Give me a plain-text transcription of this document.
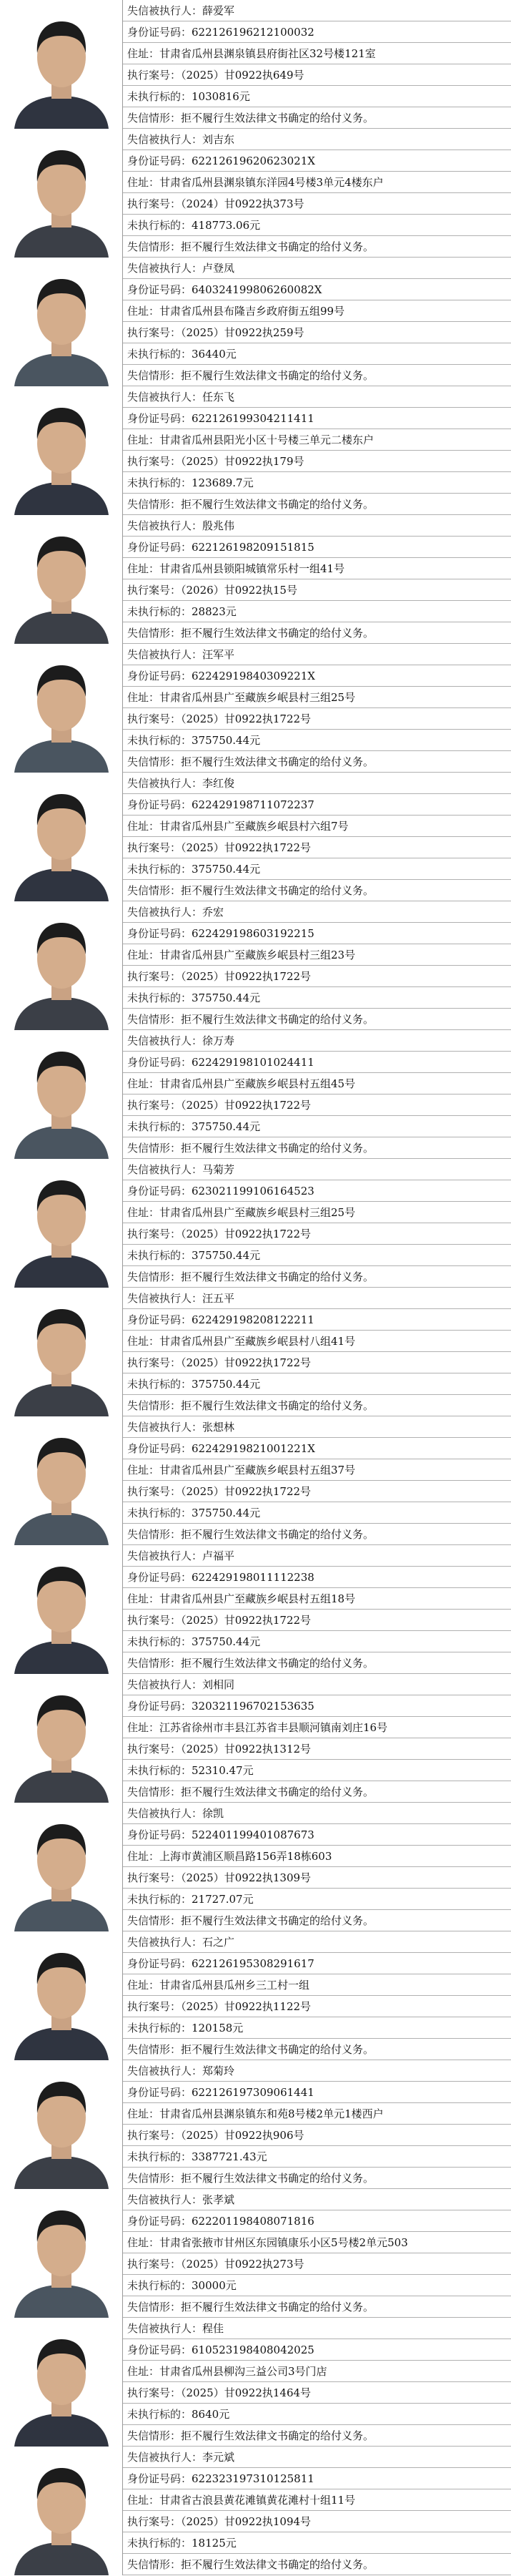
失信被执行人：薛爱军
身份证号码：622126196212100032
住址：甘肃省瓜州县渊泉镇县府街社区32号楼121室
执行案号：（2025）甘0922执649号
未执行标的：1030816元
失信情形：拒不履行生效法律文书确定的给付义务。
失信被执行人：刘吉东
身份证号码：62212619620623021X
住址：甘肃省瓜州县渊泉镇东洋园4号楼3单元4楼东户
执行案号：（2024）甘0922执373号
未执行标的：418773.06元
失信情形：拒不履行生效法律文书确定的给付义务。
失信被执行人：卢登凤
身份证号码：640324199806260082X
住址：甘肃省瓜州县布隆吉乡政府街五组99号
执行案号：（2025）甘0922执259号
未执行标的：36440元
失信情形：拒不履行生效法律文书确定的给付义务。
失信被执行人：任东飞
身份证号码：622126199304211411
住址：甘肃省瓜州县阳光小区十号楼三单元二楼东户
执行案号：（2025）甘0922执179号
未执行标的：123689.7元
失信情形：拒不履行生效法律文书确定的给付义务。
失信被执行人：殷兆伟
身份证号码：622126198209151815
住址：甘肃省瓜州县锁阳城镇常乐村一组41号
执行案号：（2026）甘0922执15号
未执行标的：28823元
失信情形：拒不履行生效法律文书确定的给付义务。
失信被执行人：汪军平
身份证号码：62242919840309221X
住址：甘肃省瓜州县广至藏族乡岷县村三组25号
执行案号：（2025）甘0922执1722号
未执行标的：375750.44元
失信情形：拒不履行生效法律文书确定的给付义务。
失信被执行人：李红俊
身份证号码：622429198711072237
住址：甘肃省瓜州县广至藏族乡岷县村六组7号
执行案号：（2025）甘0922执1722号
未执行标的：375750.44元
失信情形：拒不履行生效法律文书确定的给付义务。
失信被执行人：乔宏
身份证号码：622429198603192215
住址：甘肃省瓜州县广至藏族乡岷县村三组23号
执行案号：（2025）甘0922执1722号
未执行标的：375750.44元
失信情形：拒不履行生效法律文书确定的给付义务。
失信被执行人：徐万寿
身份证号码：622429198101024411
住址：甘肃省瓜州县广至藏族乡岷县村五组45号
执行案号：（2025）甘0922执1722号
未执行标的：375750.44元
失信情形：拒不履行生效法律文书确定的给付义务。
失信被执行人：马菊芳
身份证号码：623021199106164523
住址：甘肃省瓜州县广至藏族乡岷县村三组25号
执行案号：（2025）甘0922执1722号
未执行标的：375750.44元
失信情形：拒不履行生效法律文书确定的给付义务。
失信被执行人：汪五平
身份证号码：622429198208122211
住址：甘肃省瓜州县广至藏族乡岷县村八组41号
执行案号：（2025）甘0922执1722号
未执行标的：375750.44元
失信情形：拒不履行生效法律文书确定的给付义务。
失信被执行人：张想林
身份证号码：62242919821001221X
住址：甘肃省瓜州县广至藏族乡岷县村五组37号
执行案号：（2025）甘0922执1722号
未执行标的：375750.44元
失信情形：拒不履行生效法律文书确定的给付义务。
失信被执行人：卢福平
身份证号码：622429198011112238
住址：甘肃省瓜州县广至藏族乡岷县村五组18号
执行案号：（2025）甘0922执1722号
未执行标的：375750.44元
失信情形：拒不履行生效法律文书确定的给付义务。
失信被执行人：刘相同
身份证号码：320321196702153635
住址：江苏省徐州市丰县江苏省丰县顺河镇南刘庄16号
执行案号：（2025）甘0922执1312号
未执行标的：52310.47元
失信情形：拒不履行生效法律文书确定的给付义务。
失信被执行人：徐凯
身份证号码：522401199401087673
住址：上海市黄浦区顺昌路156弄18栋603
执行案号：（2025）甘0922执1309号
未执行标的：21727.07元
失信情形：拒不履行生效法律文书确定的给付义务。
失信被执行人：石之广
身份证号码：622126195308291617
住址：甘肃省瓜州县瓜州乡三工村一组
执行案号：（2025）甘0922执1122号
未执行标的：120158元
失信情形：拒不履行生效法律文书确定的给付义务。
失信被执行人：郑菊玲
身份证号码：622126197309061441
住址：甘肃省瓜州县渊泉镇东和苑8号楼2单元1楼西户
执行案号：（2025）甘0922执906号
未执行标的：3387721.43元
失信情形：拒不履行生效法律文书确定的给付义务。
失信被执行人：张孝斌
身份证号码：622201198408071816
住址：甘肃省张掖市甘州区东园镇康乐小区5号楼2单元503
执行案号：（2025）甘0922执273号
未执行标的：30000元
失信情形：拒不履行生效法律文书确定的给付义务。
失信被执行人：程佳
身份证号码：610523198408042025
住址：甘肃省瓜州县柳沟三益公司3号门店
执行案号：（2025）甘0922执1464号
未执行标的：8640元
失信情形：拒不履行生效法律文书确定的给付义务。
失信被执行人：李元斌
身份证号码：622323197310125811
住址：甘肃省古浪县黄花滩镇黄花滩村十组11号
执行案号：（2025）甘0922执1094号
未执行标的：18125元
失信情形：拒不履行生效法律文书确定的给付义务。
